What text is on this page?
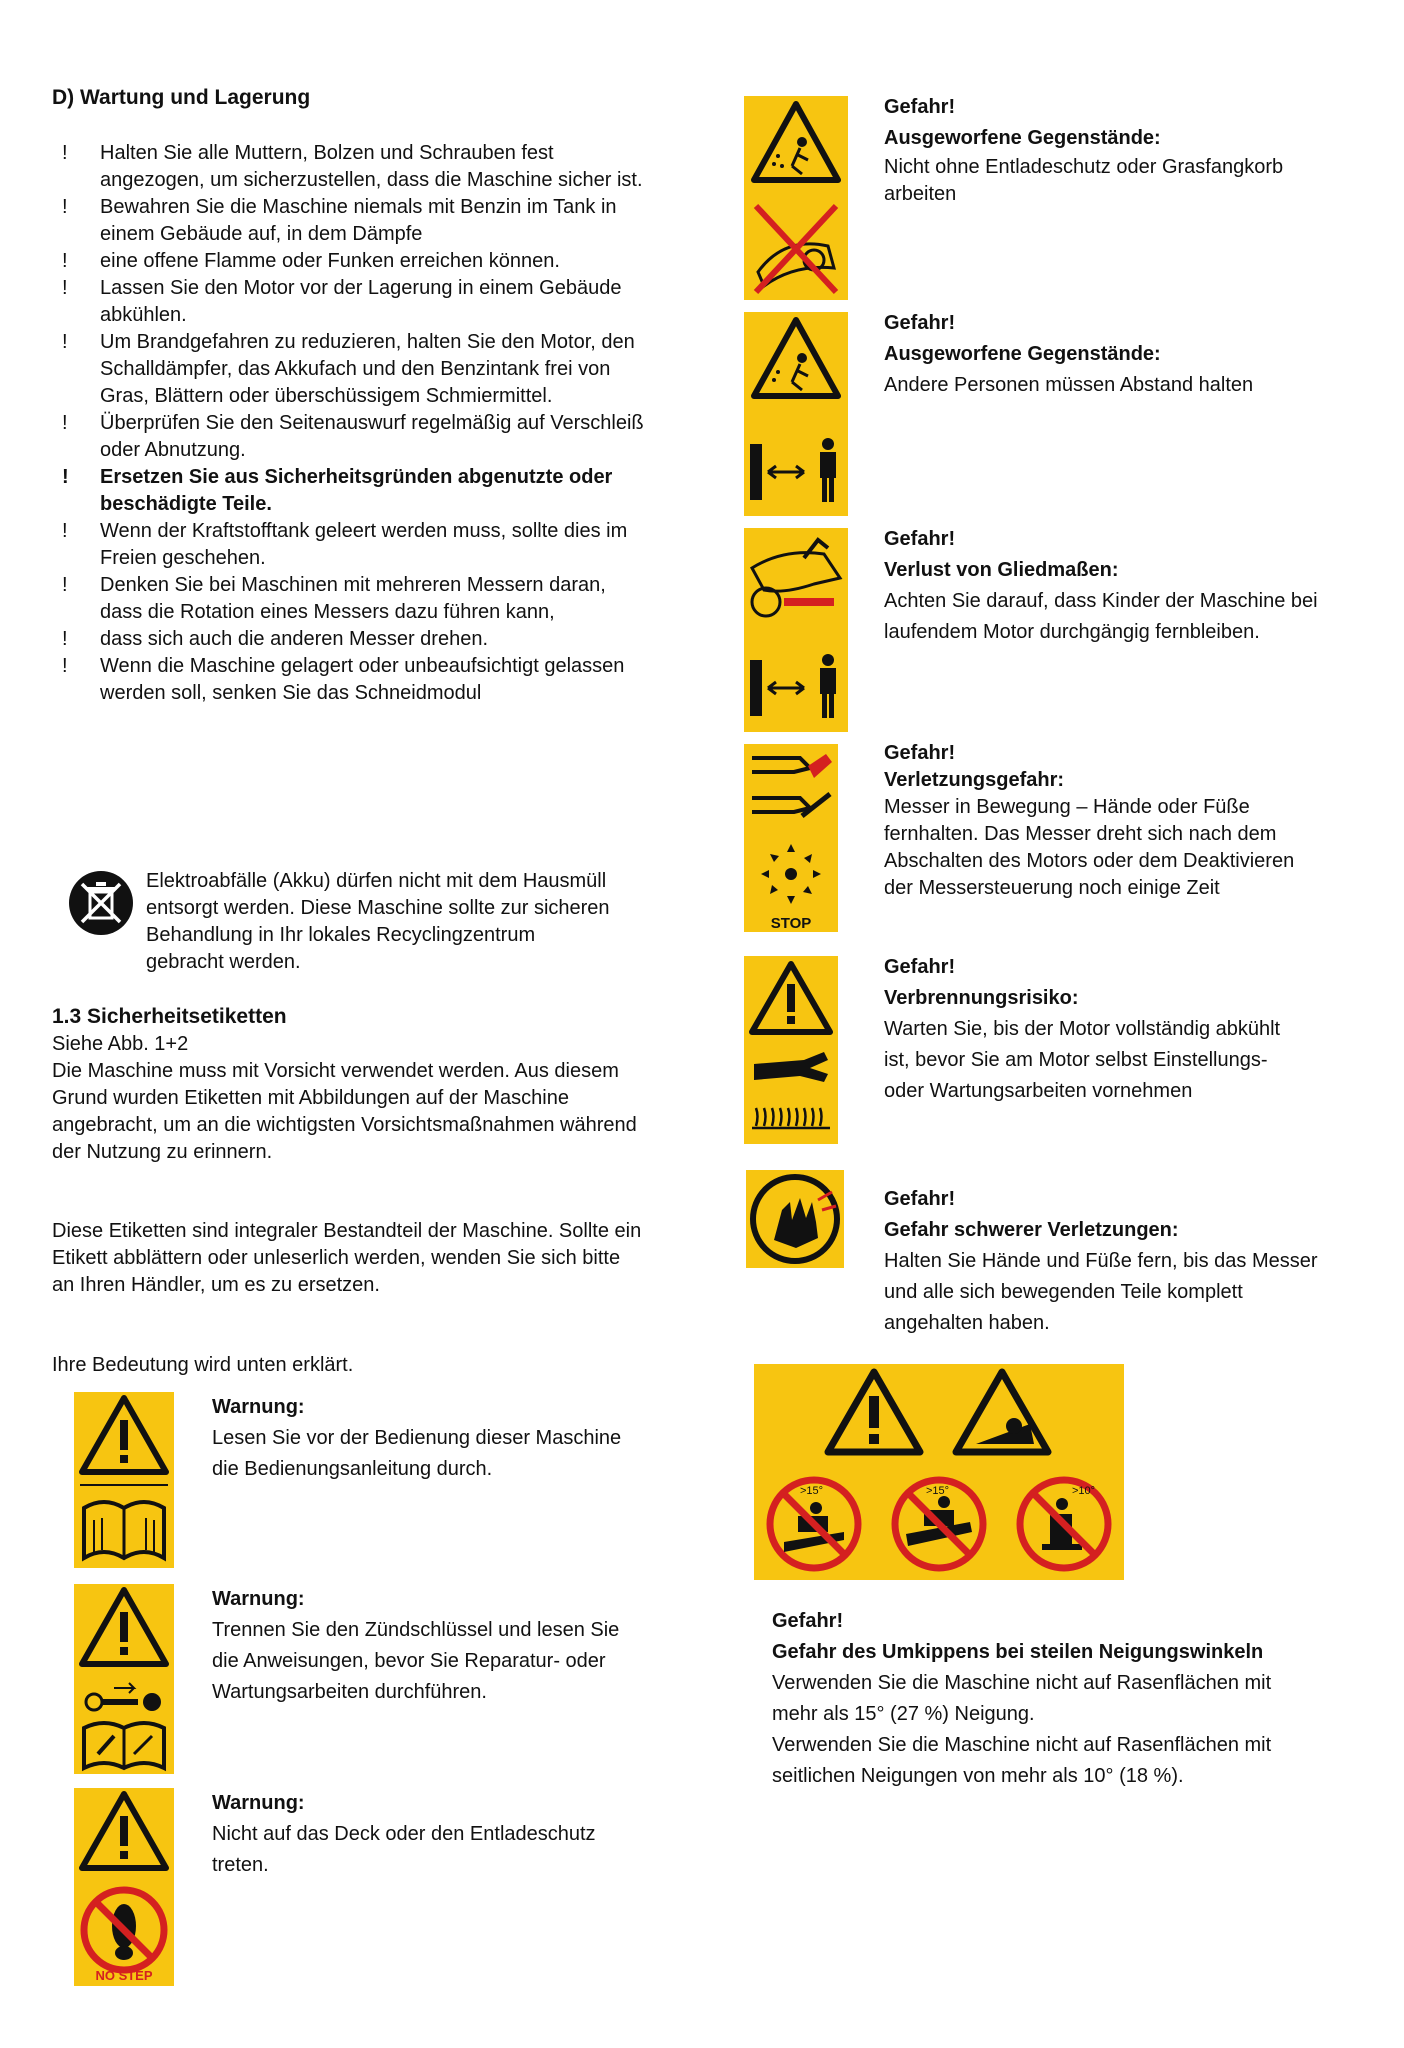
D) Wartung und Lagerung
! Halten Sie alle Muttern, Bolzen und Schrauben fest angezogen, um sicherzustellen, dass die Maschine sicher ist.
! Bewahren Sie die Maschine niemals mit Benzin im Tank in einem Gebäude auf, in dem Dämpfe
! eine offene Flamme oder Funken erreichen können.
! Lassen Sie den Motor vor der Lagerung in einem Gebäude abkühlen.
! Um Brandgefahren zu reduzieren, halten Sie den Motor, den Schalldämpfer, das Akkufach und den Benzintank frei von Gras, Blättern oder überschüssigem Schmiermittel.
! Überprüfen Sie den Seitenauswurf regelmäßig auf Verschleiß oder Abnutzung.
! Ersetzen Sie aus Sicherheitsgründen abgenutzte oder beschädigte Teile.
! Wenn der Kraftstofftank geleert werden muss, sollte dies im Freien geschehen.
! Denken Sie bei Maschinen mit mehreren Messern daran, dass die Rotation eines Messers dazu führen kann,
! dass sich auch die anderen Messer drehen.
! Wenn die Maschine gelagert oder unbeaufsichtigt gelassen werden soll, senken Sie das Schneidmodul
Elektroabfälle (Akku) dürfen nicht mit dem Hausmüll entsorgt werden. Diese Maschine sollte zur sicheren Behandlung in Ihr lokales Recyclingzentrum gebracht werden.
1.3 Sicherheitsetiketten
Siehe Abb. 1+2
Die Maschine muss mit Vorsicht verwendet werden. Aus diesem Grund wurden Etiketten mit Abbildungen auf der Maschine angebracht, um an die wichtigsten Vorsichtsmaßnahmen während der Nutzung zu erinnern.
Diese Etiketten sind integraler Bestandteil der Maschine. Sollte ein Etikett abblättern oder unleserlich werden, wenden Sie sich bitte an Ihren Händler, um es zu ersetzen.
Ihre Bedeutung wird unten erklärt.
Warnung:
Lesen Sie vor der Bedienung dieser Maschine die Bedienungsanleitung durch.
Warnung:
Trennen Sie den Zündschlüssel und lesen Sie die Anweisungen, bevor Sie Reparatur- oder Wartungsarbeiten durchführen.
NO STEP
Warnung:
Nicht auf das Deck oder den Entladeschutz treten.
Gefahr!
Ausgeworfene Gegenstände:
Nicht ohne Entladeschutz oder Grasfangkorb arbeiten
Gefahr!
Ausgeworfene Gegenstände:
Andere Personen müssen Abstand halten
Gefahr!
Verlust von Gliedmaßen:
Achten Sie darauf, dass Kinder der Maschine bei laufendem Motor durchgängig fernbleiben.
STOP
Gefahr!
Verletzungsgefahr:
Messer in Bewegung – Hände oder Füße fernhalten. Das Messer dreht sich nach dem Abschalten des Motors oder dem Deaktivieren der Messersteuerung noch einige Zeit
Gefahr!
Verbrennungsrisiko:
Warten Sie, bis der Motor vollständig abkühlt ist, bevor Sie am Motor selbst Einstellungs- oder Wartungsarbeiten vornehmen
Gefahr!
Gefahr schwerer Verletzungen:
Halten Sie Hände und Füße fern, bis das Messer und alle sich bewegenden Teile komplett angehalten haben.
>15°	>15°	>10°
Gefahr!
Gefahr des Umkippens bei steilen Neigungswinkeln
Verwenden Sie die Maschine nicht auf Rasenflächen mit mehr als 15° (27 %) Neigung.
Verwenden Sie die Maschine nicht auf Rasenflächen mit seitlichen Neigungen von mehr als 10° (18 %).
